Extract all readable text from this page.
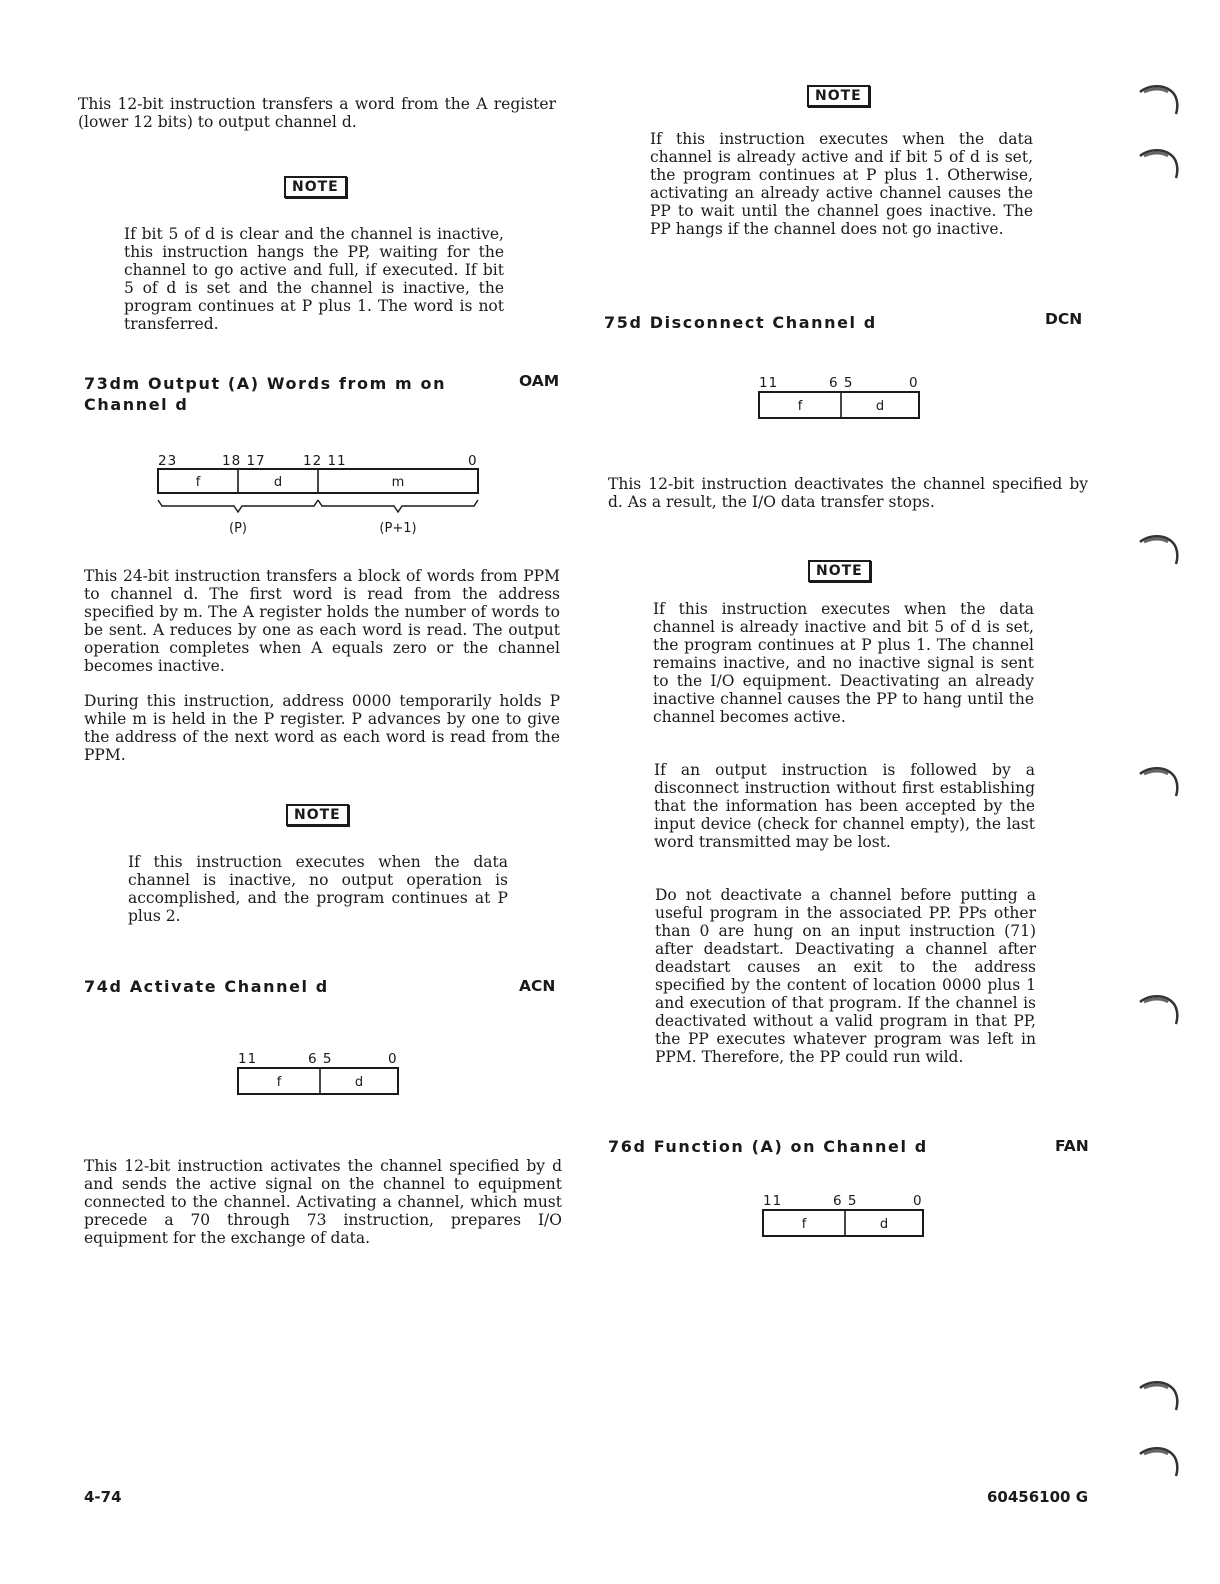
This 12-bit instruction transfers a word from the A register (lower 12 bits) to output channel d.

NOTE

If bit 5 of d is clear and the channel is inactive, this instruction hangs the PP, waiting for the channel to go active and full, if executed. If bit 5 of d is set and the channel is inactive, the program continues at P plus 1. The word is not transferred.

73dm Output (A) Words from m on
Channel d
OAM
23	18 17	12 11	0
f	d	m
(P)	(P+1)

This 24-bit instruction transfers a block of words from PPM to channel d. The first word is read from the address specified by m. The A register holds the number of words to be sent. A reduces by one as each word is read. The output operation completes when A equals zero or the channel becomes inactive.

During this instruction, address 0000 temporarily holds P while m is held in the P register. P advances by one to give the address of the next word as each word is read from the PPM.

NOTE

If this instruction executes when the data channel is inactive, no output operation is accomplished, and the program continues at P plus 2.

74d Activate Channel d	ACN
11	6 5	0
f	d

This 12-bit instruction activates the channel specified by d and sends the active signal on the channel to equipment connected to the channel. Activating a channel, which must precede a 70 through 73 instruction, prepares I/O equipment for the exchange of data.

NOTE

If this instruction executes when the data channel is already active and if bit 5 of d is set, the program continues at P plus 1. Otherwise, activating an already active channel causes the PP to wait until the channel goes inactive. The PP hangs if the channel does not go inactive.

75d Disconnect Channel d	DCN
11	6 5	0
f	d

This 12-bit instruction deactivates the channel specified by d. As a result, the I/O data transfer stops.

NOTE

If this instruction executes when the data channel is already inactive and bit 5 of d is set, the program continues at P plus 1. The channel remains inactive, and no inactive signal is sent to the I/O equipment. Deactivating an already inactive channel causes the PP to hang until the channel becomes active.

If an output instruction is followed by a disconnect instruction without first establishing that the information has been accepted by the input device (check for channel empty), the last word transmitted may be lost.

Do not deactivate a channel before putting a useful program in the associated PP. PPs other than 0 are hung on an input instruction (71) after deadstart. Deactivating a channel after deadstart causes an exit to the address specified by the content of location 0000 plus 1 and execution of that program. If the channel is deactivated without a valid program in that PP, the PP executes whatever program was left in PPM. Therefore, the PP could run wild.

76d Function (A) on Channel d	FAN
11	6 5	0
f	d
4-74	60456100 G
